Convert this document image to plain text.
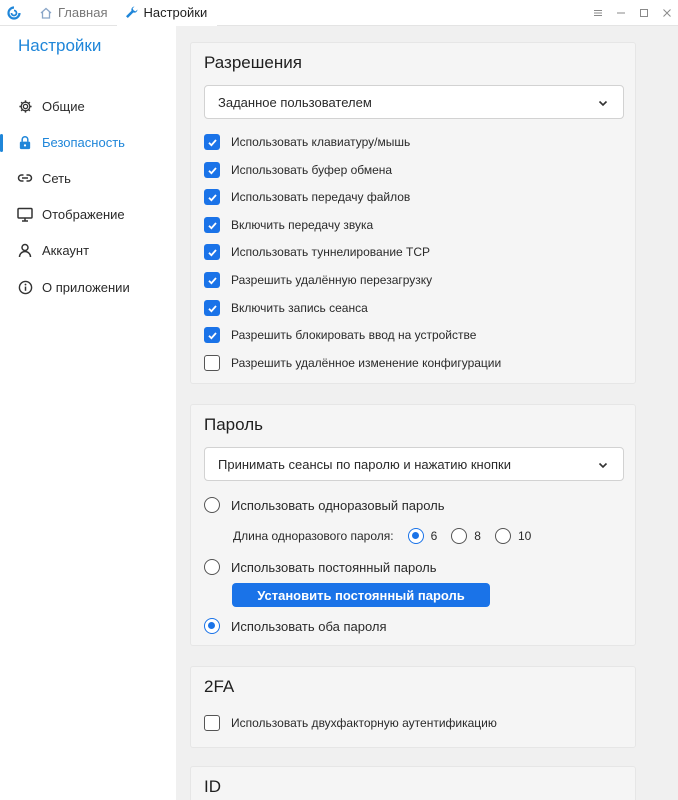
Главная	Настройки
Настройки
Общие
Безопасность
Сеть
Отображение
Аккаунт
О приложении
Разрешения
Заданное пользователем
Использовать клавиатуру/мышь
Использовать буфер обмена
Использовать передачу файлов
Включить передачу звука
Использовать туннелирование TCP
Разрешить удалённую перезагрузку
Включить запись сеанса
Разрешить блокировать ввод на устройстве
Разрешить удалённое изменение конфигурации
Пароль
Принимать сеансы по паролю и нажатию кнопки
Использовать одноразовый пароль
Длина одноразового пароля:	6	8	10
Использовать постоянный пароль
Установить постоянный пароль
Использовать оба пароля
2FA
Использовать двухфакторную аутентификацию
ID
